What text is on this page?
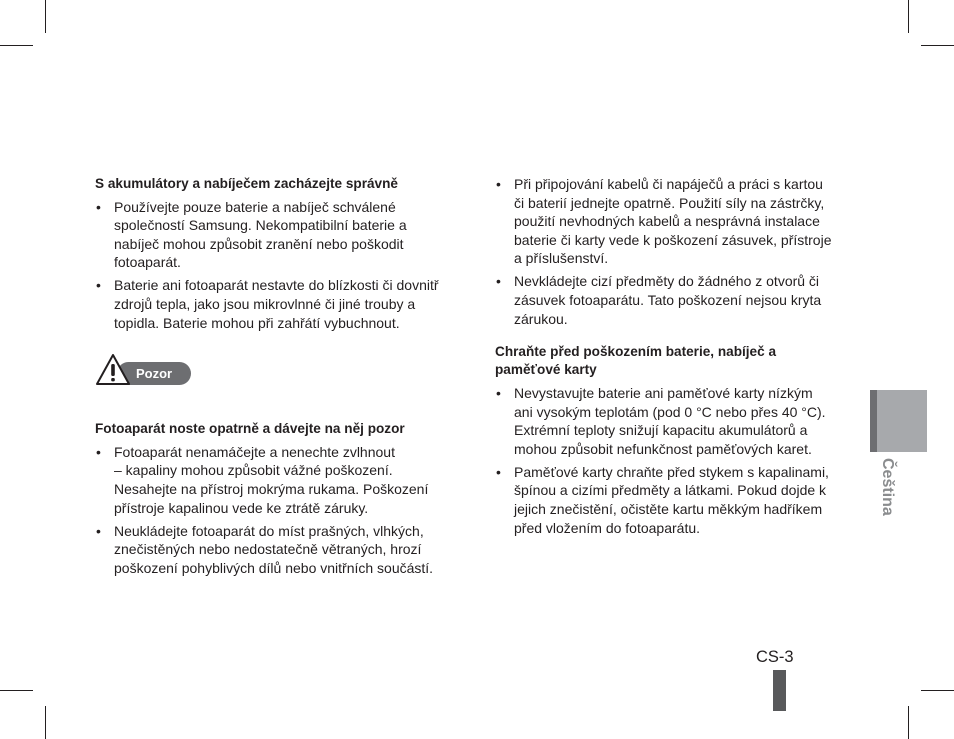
S akumulátory a nabíječem zacházejte správně
• Používejte pouze baterie a nabíječ schválené
společností Samsung. Nekompatibilní baterie a
nabíječ mohou způsobit zranění nebo poškodit
fotoaparát.
• Baterie ani fotoaparát nestavte do blízkosti či dovnitř
zdrojů tepla, jako jsou mikrovlnné či jiné trouby a
topidla. Baterie mohou při zahřátí vybuchnout.
Pozor
Fotoaparát noste opatrně a dávejte na něj pozor
• Fotoaparát nenamáčejte a nenechte zvlhnout
– kapaliny mohou způsobit vážné poškození.
Nesahejte na přístroj mokrýma rukama. Poškození
přístroje kapalinou vede ke ztrátě záruky.
• Neukládejte fotoaparát do míst prašných, vlhkých,
znečistěných nebo nedostatečně větraných, hrozí
poškození pohyblivých dílů nebo vnitřních součástí.
• Při připojování kabelů či napáječů a práci s kartou
či baterií jednejte opatrně. Použití síly na zástrčky,
použití nevhodných kabelů a nesprávná instalace
baterie či karty vede k poškození zásuvek, přístroje
a příslušenství.
• Nevkládejte cizí předměty do žádného z otvorů či
zásuvek fotoaparátu. Tato poškození nejsou kryta
zárukou.
Chraňte před poškozením baterie, nabíječ a
paměťové karty
• Nevystavujte baterie ani paměťové karty nízkým
ani vysokým teplotám (pod 0 °C nebo přes 40 °C).
Extrémní teploty snižují kapacitu akumulátorů a
mohou způsobit nefunkčnost paměťových karet.
• Paměťové karty chraňte před stykem s kapalinami,
špínou a cizími předměty a látkami. Pokud dojde k
jejich znečistění, očistěte kartu měkkým hadříkem
před vložením do fotoaparátu.
Čeština
CS-3
